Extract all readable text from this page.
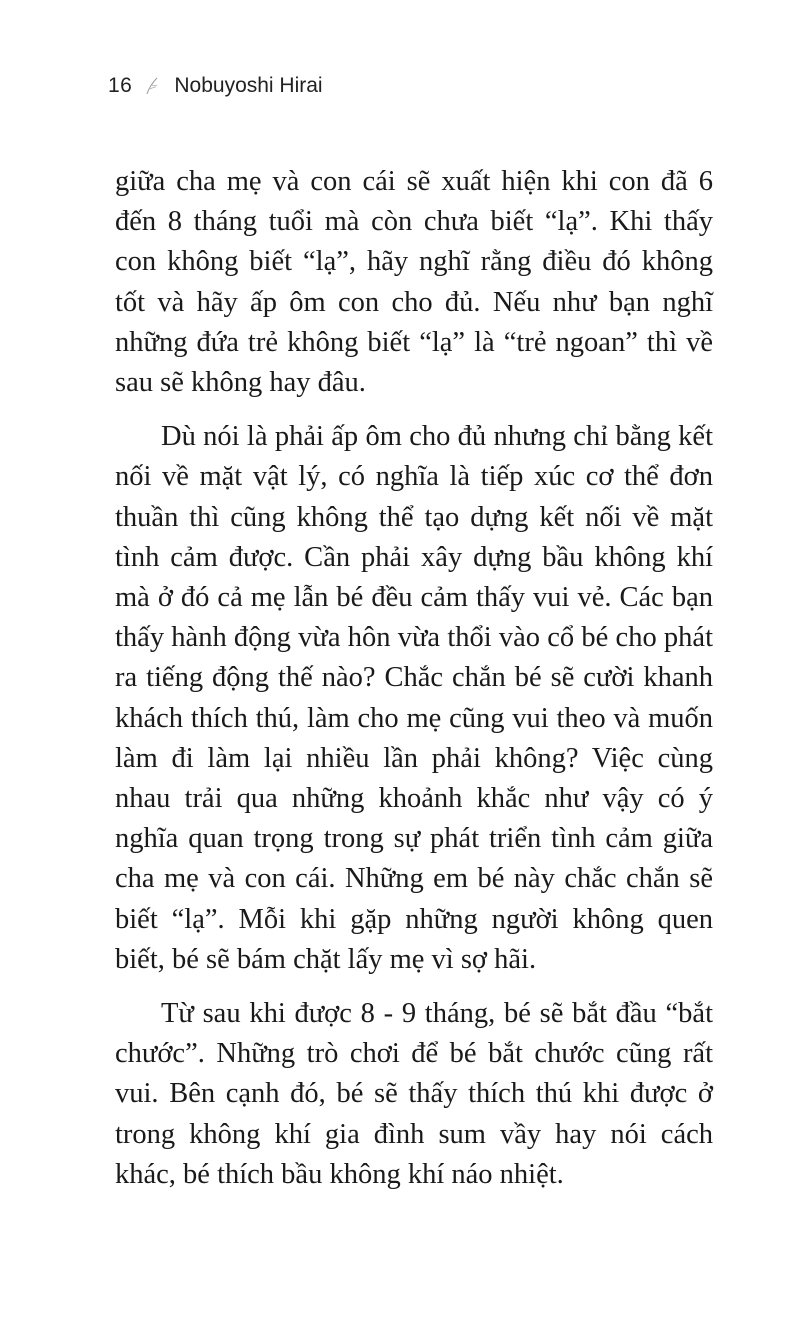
16 Nobuyoshi Hirai

giữa cha mẹ và con cái sẽ xuất hiện khi con đã 6 đến 8 tháng tuổi mà còn chưa biết “lạ”. Khi thấy con không biết “lạ”, hãy nghĩ rằng điều đó không tốt và hãy ấp ôm con cho đủ. Nếu như bạn nghĩ những đứa trẻ không biết “lạ” là “trẻ ngoan” thì về sau sẽ không hay đâu.

Dù nói là phải ấp ôm cho đủ nhưng chỉ bằng kết nối về mặt vật lý, có nghĩa là tiếp xúc cơ thể đơn thuần thì cũng không thể tạo dựng kết nối về mặt tình cảm được. Cần phải xây dựng bầu không khí mà ở đó cả mẹ lẫn bé đều cảm thấy vui vẻ. Các bạn thấy hành động vừa hôn vừa thổi vào cổ bé cho phát ra tiếng động thế nào? Chắc chắn bé sẽ cười khanh khách thích thú, làm cho mẹ cũng vui theo và muốn làm đi làm lại nhiều lần phải không? Việc cùng nhau trải qua những khoảnh khắc như vậy có ý nghĩa quan trọng trong sự phát triển tình cảm giữa cha mẹ và con cái. Những em bé này chắc chắn sẽ biết “lạ”. Mỗi khi gặp những người không quen biết, bé sẽ bám chặt lấy mẹ vì sợ hãi.

Từ sau khi được 8 - 9 tháng, bé sẽ bắt đầu “bắt chước”. Những trò chơi để bé bắt chước cũng rất vui. Bên cạnh đó, bé sẽ thấy thích thú khi được ở trong không khí gia đình sum vầy hay nói cách khác, bé thích bầu không khí náo nhiệt.
